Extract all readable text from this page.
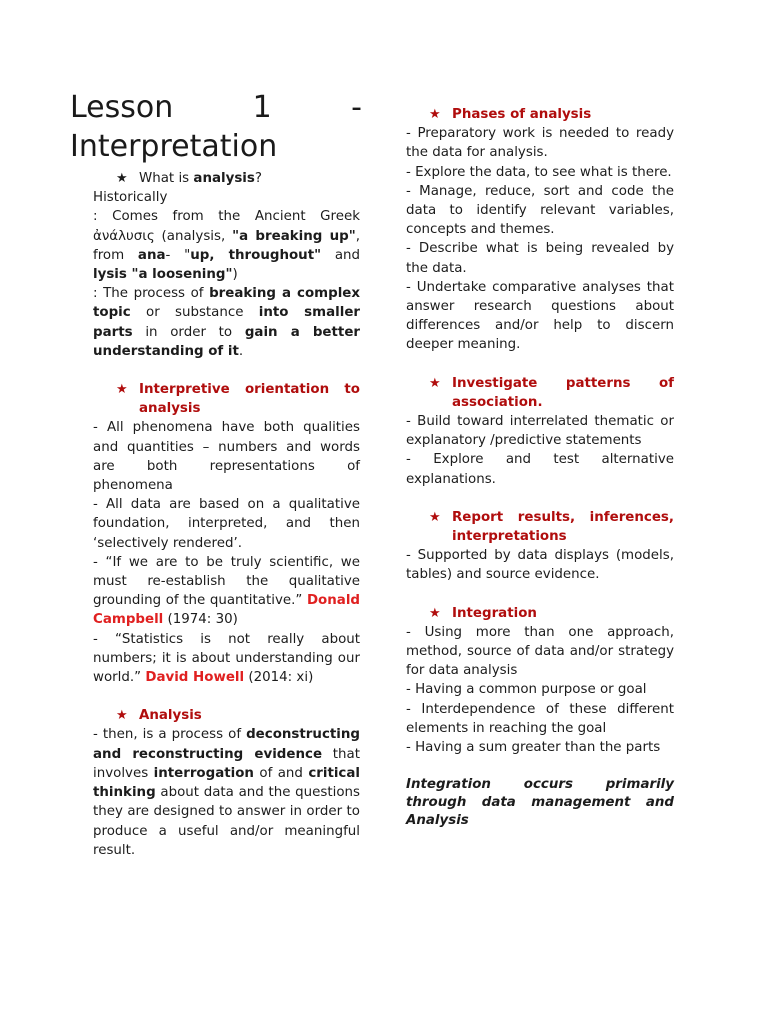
Lesson	1	-
Interpretation

★ What is analysis?

Historically

: Comes from the Ancient Greek ἀνάλυσις (analysis, "a breaking up", from ana- "up, throughout" and lysis "a loosening")

: The process of breaking a complex topic or substance into smaller parts in order to gain a better understanding of it.

★ Interpretive orientation to analysis

- All phenomena have both qualities and quantities – numbers and words are both representations of phenomena

- All data are based on a qualitative foundation, interpreted, and then ‘selectively rendered’.

- “If we are to be truly scientific, we must re-establish the qualitative grounding of the quantitative.” Donald Campbell (1974: 30)

- “Statistics is not really about numbers; it is about understanding our world.” David Howell (2014: xi)

★ Analysis

- then, is a process of deconstructing and reconstructing evidence that involves interrogation of and critical thinking about data and the questions they are designed to answer in order to produce a useful and/or meaningful result.

★ Phases of analysis

- Preparatory work is needed to ready the data for analysis.

- Explore the data, to see what is there.

- Manage, reduce, sort and code the data to identify relevant variables, concepts and themes.

- Describe what is being revealed by the data.

- Undertake comparative analyses that answer research questions about differences and/or help to discern deeper meaning.

★ Investigate patterns of association.

- Build toward interrelated thematic or explanatory /predictive statements

- Explore and test alternative explanations.

★ Report results, inferences, interpretations

- Supported by data displays (models, tables) and source evidence.

★ Integration

- Using more than one approach, method, source of data and/or strategy for data analysis

- Having a common purpose or goal

- Interdependence of these different elements in reaching the goal

- Having a sum greater than the parts

Integration occurs primarily through data management and Analysis
